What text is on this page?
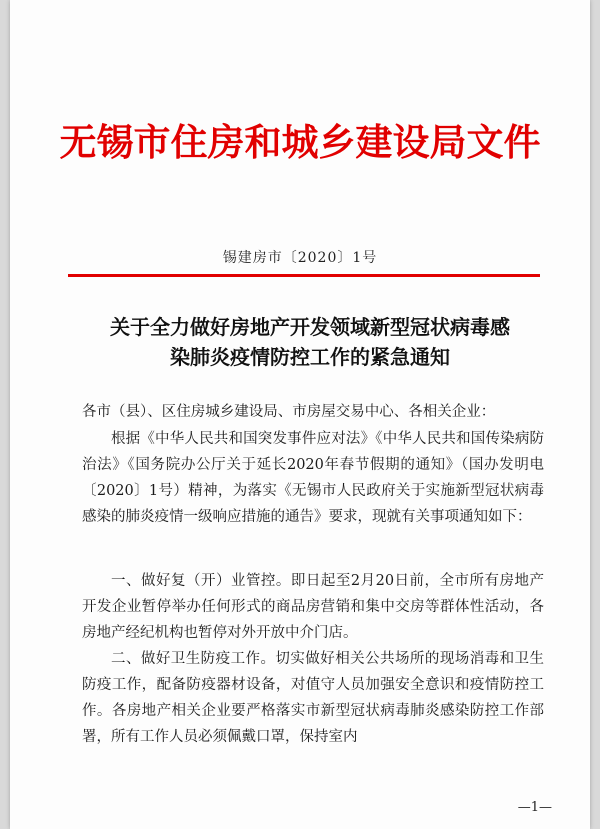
无锡市住房和城乡建设局文件
锡建房市〔2020〕1号
关于全力做好房地产开发领域新型冠状病毒感
染肺炎疫情防控工作的紧急通知
各市（县）、区住房城乡建设局、市房屋交易中心、各相关企业：
根据《中华人民共和国突发事件应对法》《中华人民共和国传染病防治法》《国务院办公厅关于延长2020年春节假期的通知》（国办发明电〔2020〕1号）精神，为落实《无锡市人民政府关于实施新型冠状病毒感染的肺炎疫情一级响应措施的通告》要求，现就有关事项通知如下：
一、做好复（开）业管控。即日起至2月20日前，全市所有房地产开发企业暂停举办任何形式的商品房营销和集中交房等群体性活动，各房地产经纪机构也暂停对外开放中介门店。
二、做好卫生防疫工作。切实做好相关公共场所的现场消毒和卫生防疫工作，配备防疫器材设备，对值守人员加强安全意识和疫情防控工作。各房地产相关企业要严格落实市新型冠状病毒肺炎感染防控工作部署，所有工作人员必须佩戴口罩，保持室内
—1—
